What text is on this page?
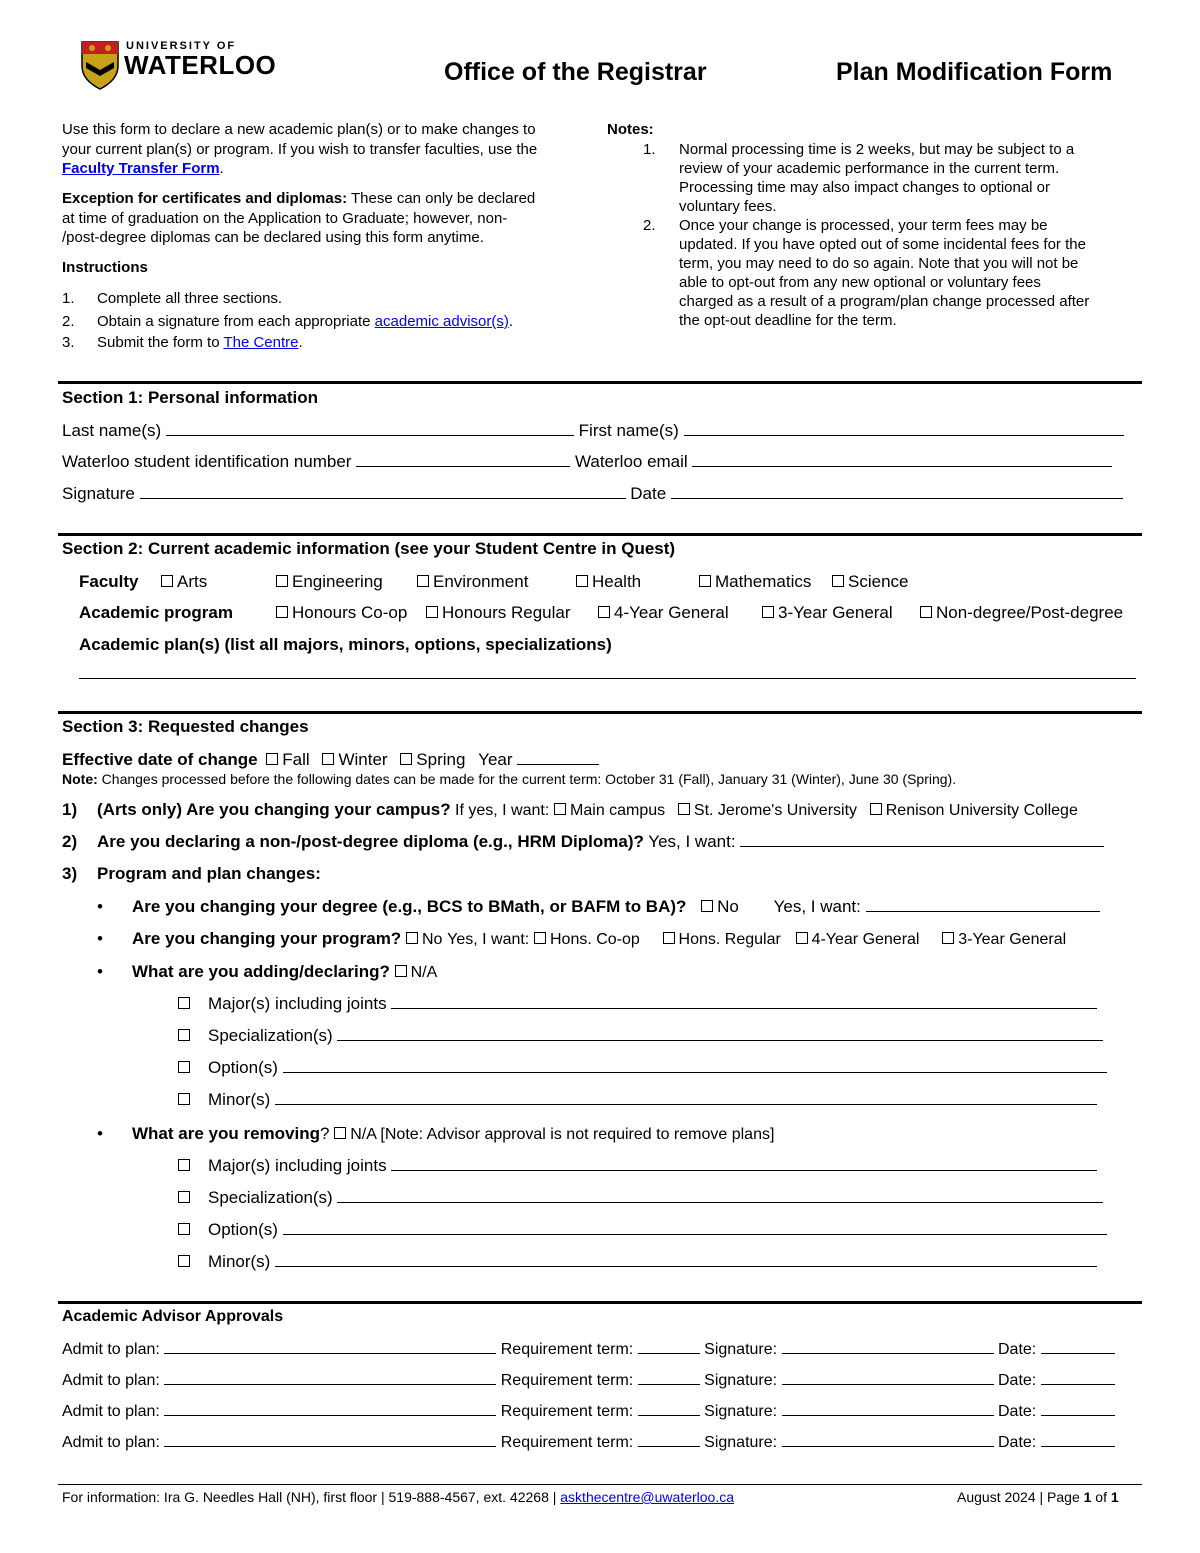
UNIVERSITY OF
WATERLOO	Office of the Registrar	Plan Modification Form
Use this form to declare a new academic plan(s) or to make changes to
your current plan(s) or program. If you wish to transfer faculties, use the
Faculty Transfer Form.
Exception for certificates and diplomas: These can only be declared
at time of graduation on the Application to Graduate; however, non-
/post-degree diplomas can be declared using this form anytime.
Instructions
1. Complete all three sections.
2. Obtain a signature from each appropriate academic advisor(s).
3. Submit the form to The Centre.
Notes:
1. Normal processing time is 2 weeks, but may be subject to a
review of your academic performance in the current term.
Processing time may also impact changes to optional or
voluntary fees.
2. Once your change is processed, your term fees may be
updated. If you have opted out of some incidental fees for the
term, you may need to do so again. Note that you will not be
able to opt-out from any new optional or voluntary fees
charged as a result of a program/plan change processed after
the opt-out deadline for the term.
Section 1: Personal information
Last name(s)	First name(s)
Waterloo student identification number	Waterloo email
Signature	Date
Section 2: Current academic information (see your Student Centre in Quest)
Faculty	Arts	Engineering	Environment	Health	Mathematics	Science
Academic program	Honours Co-op	Honours Regular	4-Year General	3-Year General	Non-degree/Post-degree
Academic plan(s) (list all majors, minors, options, specializations)
Section 3: Requested changes
Effective date of change Fall Winter Spring Year
Note: Changes processed before the following dates can be made for the current term: October 31 (Fall), January 31 (Winter), June 30 (Spring).
1) (Arts only) Are you changing your campus? If yes, I want: Main campus St. Jerome's University Renison University College
2) Are you declaring a non-/post-degree diploma (e.g., HRM Diploma)? Yes, I want:
3) Program and plan changes:
• Are you changing your degree (e.g., BCS to BMath, or BAFM to BA)? No Yes, I want:
• Are you changing your program? No Yes, I want: Hons. Co-op Hons. Regular 4-Year General 3-Year General
• What are you adding/declaring? N/A
Major(s) including joints
Specialization(s)
Option(s)
Minor(s)
• What are you removing? N/A [Note: Advisor approval is not required to remove plans]
Major(s) including joints
Specialization(s)
Option(s)
Minor(s)
Academic Advisor Approvals
Admit to plan:	Requirement term:	Signature:	Date:
Admit to plan:	Requirement term:	Signature:	Date:
Admit to plan:	Requirement term:	Signature:	Date:
Admit to plan:	Requirement term:	Signature:	Date:
For information: Ira G. Needles Hall (NH), first floor | 519-888-4567, ext. 42268 | askthecentre@uwaterloo.ca	August 2024 | Page 1 of 1
